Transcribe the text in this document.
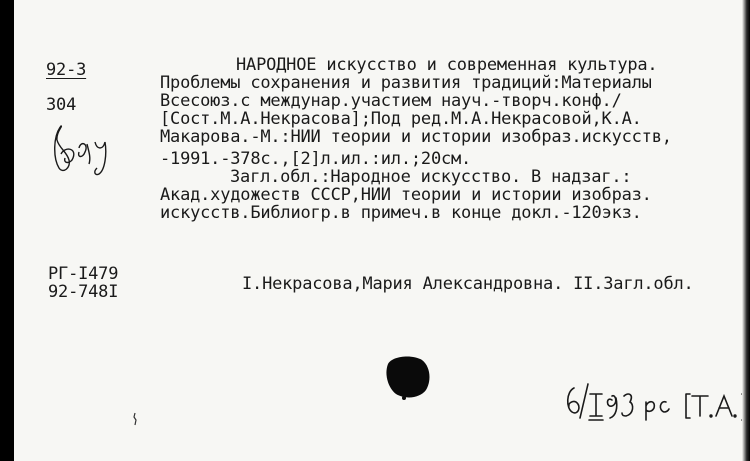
92-3
304
НАРОДНОЕ искусство и современная культура.
Проблемы сохранения и развития традиций:Материалы
Всесоюз.с междунар.участием науч.-творч.конф./
[Сост.М.А.Некрасова];Под ред.М.А.Некрасовой,К.А.
Макарова.-М.:НИИ теории и истории изобраз.искусств,
-1991.-378с.,[2]л.ил.:ил.;20см.
Загл.обл.:Народное искусство. В надзаг.:
Акад.художеств СССР,НИИ теории и истории изобраз.
искусств.Библиогр.в примеч.в конце докл.-120экз.
РГ-I479
92-748I	I.Некрасова,Мария Александровна. II.Загл.обл.
